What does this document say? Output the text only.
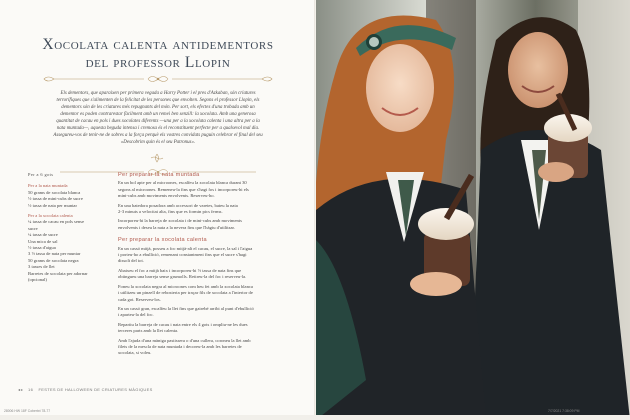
Xocolata calenta antidementors
del professor Llopin
Els dementors, que aparaixen per primera vegada a Harry Potter i el pres d'Azkaban, són criatures
terrorífiques que s'alimenten de la felicitat de les persones que envolten. Segons el professor Llopin, els
dementors són de les criatures més repugnants del món. Per sort, els efectes d'una trobada amb un
dementor es poden contrarestar fàcilment amb un remei ben senzill: la xocolata. Amb una generosa
quantitat de cacau en pols i dues xocolates diferents —una per a la xocolata calenta i una altra per a la
nata muntada—, aquesta beguda intensa i cremosa és el reconstituent perfecte per a qualsevol mal dia.
Assegureu-vos de tenir-ne de sobres a la força perquè els vostres convidats puguin celebrar el final del seu
«Descobrim quin és el seu Patronus».

Per a 6 gots

Per a la nata muntada

50 grams de xocolata blanca

½ tassa de mini-cubs de sucre

½ tassa de nata per muntar

Per a la xocolata calenta

¼ tassa de cacau en pols sense

sucre

¼ tassa de sucre

Una mica de sal

½ tassa d'aigua

3 ½ tassa de nata per muntar

50 grams de xocolata negra

3 tasses de llet

Barretes de xocolata per adornar

(opcional)

Per preparar la nata muntada

En un bol apte per al microones, escalfeu la xocolata blanca durant 30
segons al microones. Remeneu-la fins que s'hagi fos i incorporeu-hi els
mini-cubs amb moviments envolvents. Reserveu-ho.

En una batedora posadora amb accessori de varetes, bateu la nata
2-3 minuts a velocitat alta, fins que es formin pics ferms.

Incorporeu-hi la barreja de xocolata i de mini-cubs amb moviments
envolvents i deseu la nata a la nevera fins que l'hàgiu d'utilitzar.

Per preparar la xocolata calenta

En un cassó mitjà, posseu a foc mitjà-alt el cacau, el sucre, la sal i l'aigua
i porteu-ho a ebullició, remenant constantment fins que el sucre s'hagi
dissolt del tot.

Abaixeu el foc a mitjà baix i incorporeu-hi ½ tassa de nata fins que
obtingueu una barreja sense grumolls. Retireu-la del foc i reserveu-la.

Foneu la xocolata negra al microones com heu fet amb la xocolata blanca
i utilitzeu un pinzell de rebosteria per traçar fils de xocolata a l'interior de
cada got. Reserveu-los.

En un cassó gran, escalfeu la llet fins que gairebé arribi al punt d'ebullició
i aparteu-la del foc.

Repartiu la barreja de cacau i nata entre els 4 gots i ompliu-ne les dues
terceres parts amb la llet calenta.

Amb l'ajuda d'una màniga pastissera o d'una cullera, coroneu la llet amb
filets de la mescla de nata muntada i decoreu-la amb les barretes de
xocolata, si voleu.

◂◂ 16 FESTES DE HALLOWEEN DE CRIATURES MÀGIQUES
28006 HW 18F Cobertxt 78-77	7/7/2021 7:38:09 PM
